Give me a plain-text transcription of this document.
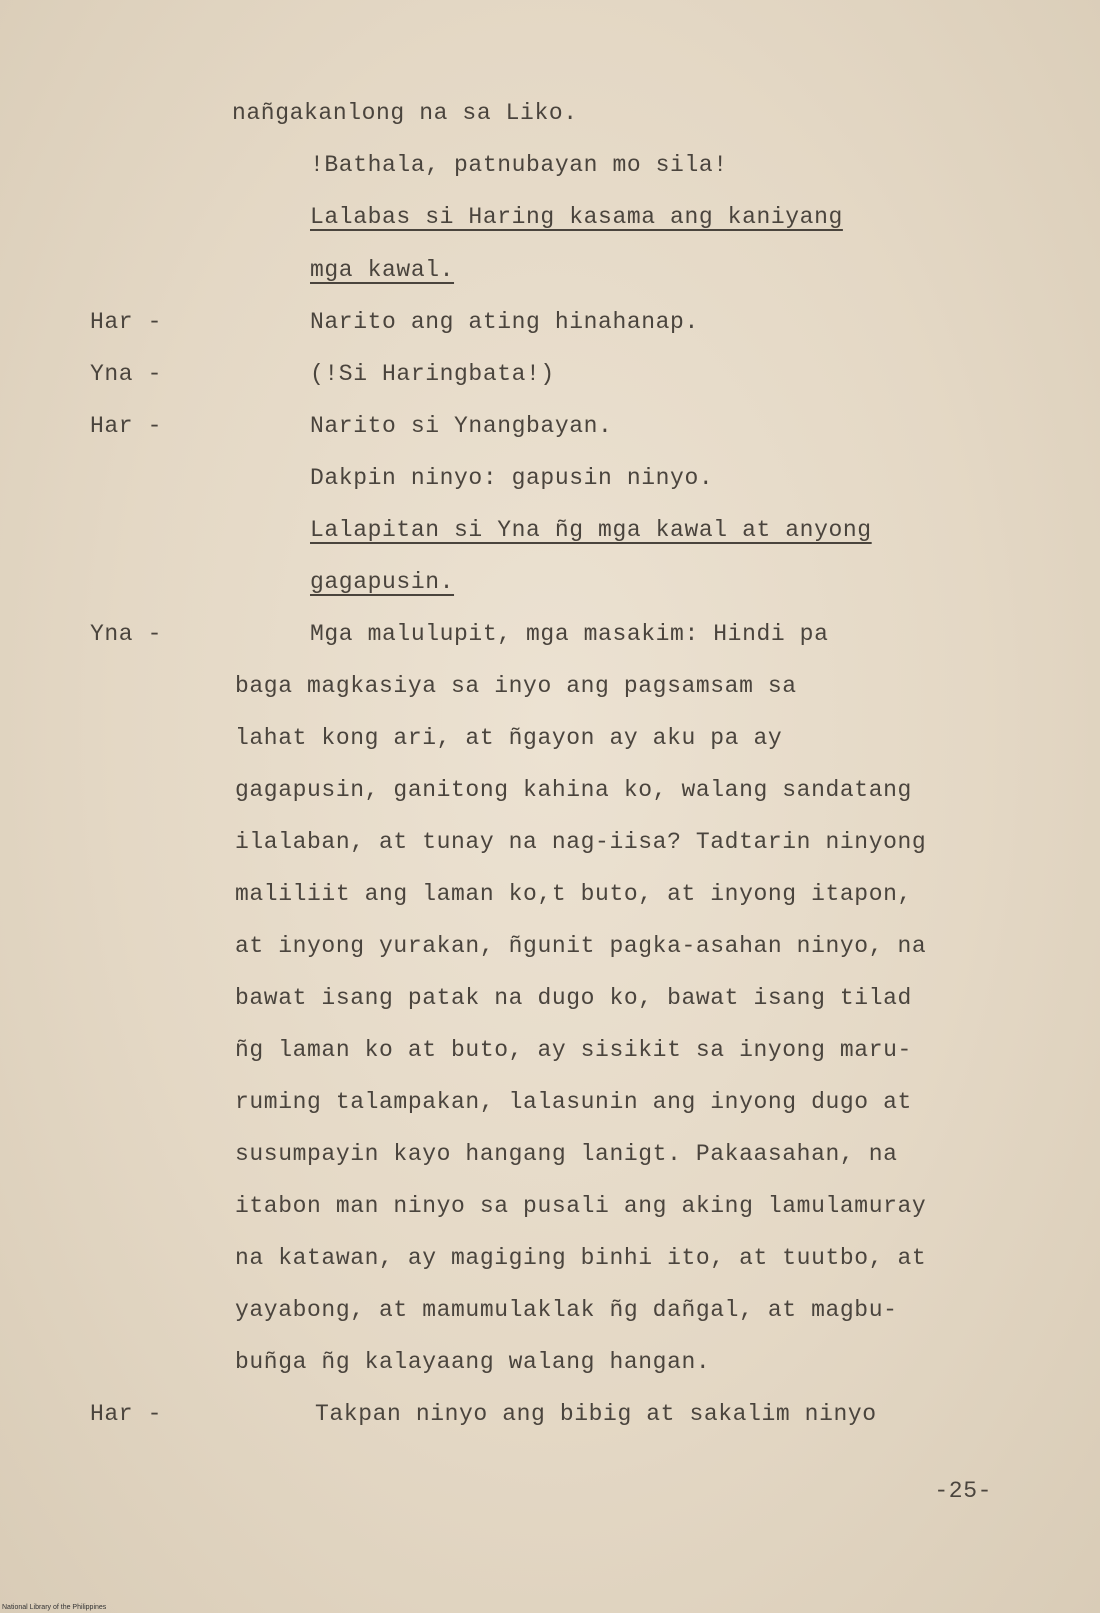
nañgakanlong na sa Liko.
!Bathala, patnubayan mo sila!
Lalabas si Haring kasama ang kaniyang
mga kawal.
Har -	Narito ang ating hinahanap.
Yna -	(!Si Haringbata!)
Har -	Narito si Ynangbayan.
Dakpin ninyo: gapusin ninyo.
Lalapitan si Yna ñg mga kawal at anyong
gagapusin.
Yna -	Mga malulupit, mga masakim: Hindi pa
baga magkasiya sa inyo ang pagsamsam sa
lahat kong ari, at ñgayon ay aku pa ay
gagapusin, ganitong kahina ko, walang sandatang
ilalaban, at tunay na nag-iisa? Tadtarin ninyong
maliliit ang laman ko,t buto, at inyong itapon,
at inyong yurakan, ñgunit pagka-asahan ninyo, na
bawat isang patak na dugo ko, bawat isang tilad
ñg laman ko at buto, ay sisikit sa inyong maru-
ruming talampakan, lalasunin ang inyong dugo at
susumpayin kayo hangang lanigt. Pakaasahan, na
itabon man ninyo sa pusali ang aking lamulamuray
na katawan, ay magiging binhi ito, at tuutbo, at
yayabong, at mamumulaklak ñg dañgal, at magbu-
buñga ñg kalayaang walang hangan.
Har -	Takpan ninyo ang bibig at sakalim ninyo
-25-
National Library of the Philippines
